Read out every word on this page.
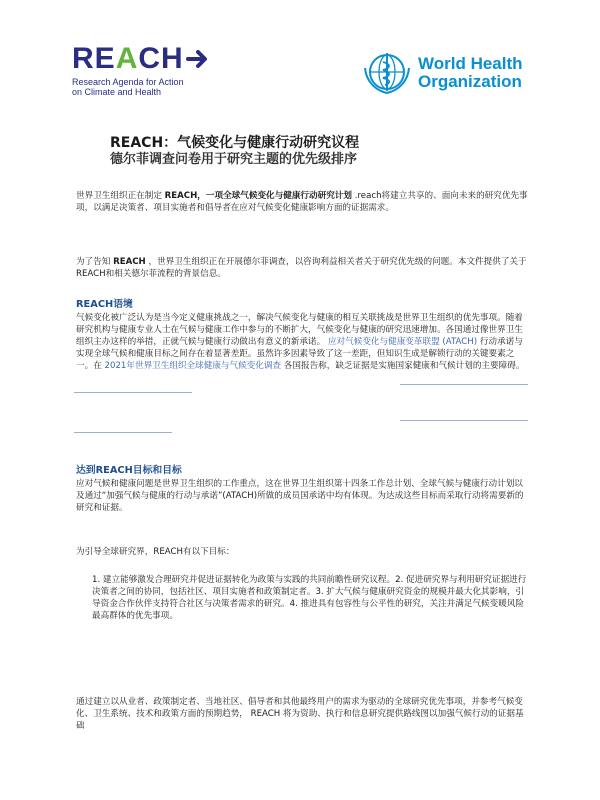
RE A CH
Research Agenda for Action
on Climate and Health
World Health
Organization
REACH：气候变化与健康行动研究议程
德尔菲调查问卷用于研究主题的优先级排序
世界卫生组织正在制定 REACH，一项全球气候变化与健康行动研究计划 .reach将建立共享的、面向未来的研究优先事项，以满足决策者、项目实施者和倡导者在应对气候变化健康影响方面的证据需求。
为了告知 REACH ，世界卫生组织正在开展德尔菲调查，以咨询利益相关者关于研究优先级的问题。本文件提供了关于REACH和相关德尔菲流程的背景信息。
REACH语境
气候变化被广泛认为是当今定义健康挑战之一，解决气候变化与健康的相互关联挑战是世界卫生组织的优先事项。随着研究机构与健康专业人士在气候与健康工作中参与的不断扩大，气候变化与健康的研究迅速增加。各国通过像世界卫生组织主办这样的举措，正就气候与健康行动做出有意义的新承诺。 应对气候变化与健康变革联盟 (ATACH) 行动承诺与实现全球气候和健康目标之间存在着显著差距。虽然许多因素导致了这一差距，但知识生成是解锁行动的关键要素之一。在 2021年世界卫生组织全球健康与气候变化调查 各国报告称，缺乏证据是实施国家健康和气候计划的主要障碍。
达到REACH目标和目标
应对气候和健康问题是世界卫生组织的工作重点，这在世界卫生组织第十四条工作总计划、全球气候与健康行动计划以及通过“加强气候与健康的行动与承诺”(ATACH)所做的成员国承诺中均有体现。为达成这些目标而采取行动将需要新的研究和证据。
为引导全球研究界，REACH有以下目标：
1. 建立能够激发合理研究并促进证据转化为政策与实践的共同前瞻性研究议程。2. 促进研究界与利用研究证据进行决策者之间的协同，包括社区、项目实施者和政策制定者。3. 扩大气候与健康研究资金的规模并最大化其影响，引导资金合作伙伴支持符合社区与决策者需求的研究。4. 推进具有包容性与公平性的研究，关注并满足气候变暖风险最高群体的优先事项。
通过建立以从业者、政策制定者、当地社区、倡导者和其他最终用户的需求为驱动的全球研究优先事项，并参考气候变化、卫生系统、技术和政策方面的预期趋势， REACH 将为资助、执行和信息研究提供路线图以加强气候行动的证据基础
